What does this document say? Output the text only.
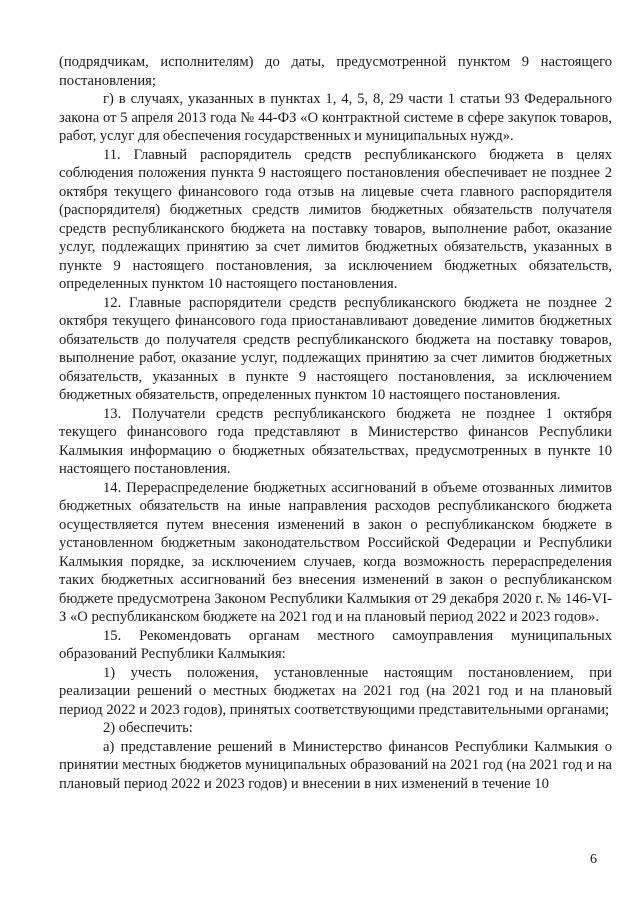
(подрядчикам, исполнителям) до даты, предусмотренной пунктом 9 настоящего постановления;

г) в случаях, указанных в пунктах 1, 4, 5, 8, 29 части 1 статьи 93 Федерального закона от 5 апреля 2013 года № 44-ФЗ «О контрактной системе в сфере закупок товаров, работ, услуг для обеспечения государственных и муниципальных нужд».

11. Главный распорядитель средств республиканского бюджета в целях соблюдения положения пункта 9 настоящего постановления обеспечивает не позднее 2 октября текущего финансового года отзыв на лицевые счета главного распорядителя (распорядителя) бюджетных средств лимитов бюджетных обязательств получателя средств республиканского бюджета на поставку товаров, выполнение работ, оказание услуг, подлежащих принятию за счет лимитов бюджетных обязательств, указанных в пункте 9 настоящего постановления, за исключением бюджетных обязательств, определенных пунктом 10 настоящего постановления.

12. Главные распорядители средств республиканского бюджета не позднее 2 октября текущего финансового года приостанавливают доведение лимитов бюджетных обязательств до получателя средств республиканского бюджета на поставку товаров, выполнение работ, оказание услуг, подлежащих принятию за счет лимитов бюджетных обязательств, указанных в пункте 9 настоящего постановления, за исключением бюджетных обязательств, определенных пунктом 10 настоящего постановления.

13. Получатели средств республиканского бюджета не позднее 1 октября текущего финансового года представляют в Министерство финансов Республики Калмыкия информацию о бюджетных обязательствах, предусмотренных в пункте 10 настоящего постановления.

14. Перераспределение бюджетных ассигнований в объеме отозванных лимитов бюджетных обязательств на иные направления расходов республиканского бюджета осуществляется путем внесения изменений в закон о республиканском бюджете в установленном бюджетным законодательством Российской Федерации и Республики Калмыкия порядке, за исключением случаев, когда возможность перераспределения таких бюджетных ассигнований без внесения изменений в закон о республиканском бюджете предусмотрена Законом Республики Калмыкия от 29 декабря 2020 г. № 146-VI-З «О республиканском бюджете на 2021 год и на плановый период 2022 и 2023 годов».

15. Рекомендовать органам местного самоуправления муниципальных образований Республики Калмыкия:

1) учесть положения, установленные настоящим постановлением, при реализации решений о местных бюджетах на 2021 год (на 2021 год и на плановый период 2022 и 2023 годов), принятых соответствующими представительными органами;

2) обеспечить:

а) представление решений в Министерство финансов Республики Калмыкия о принятии местных бюджетов муниципальных образований на 2021 год (на 2021 год и на плановый период 2022 и 2023 годов) и внесении в них изменений в течение 10

6
